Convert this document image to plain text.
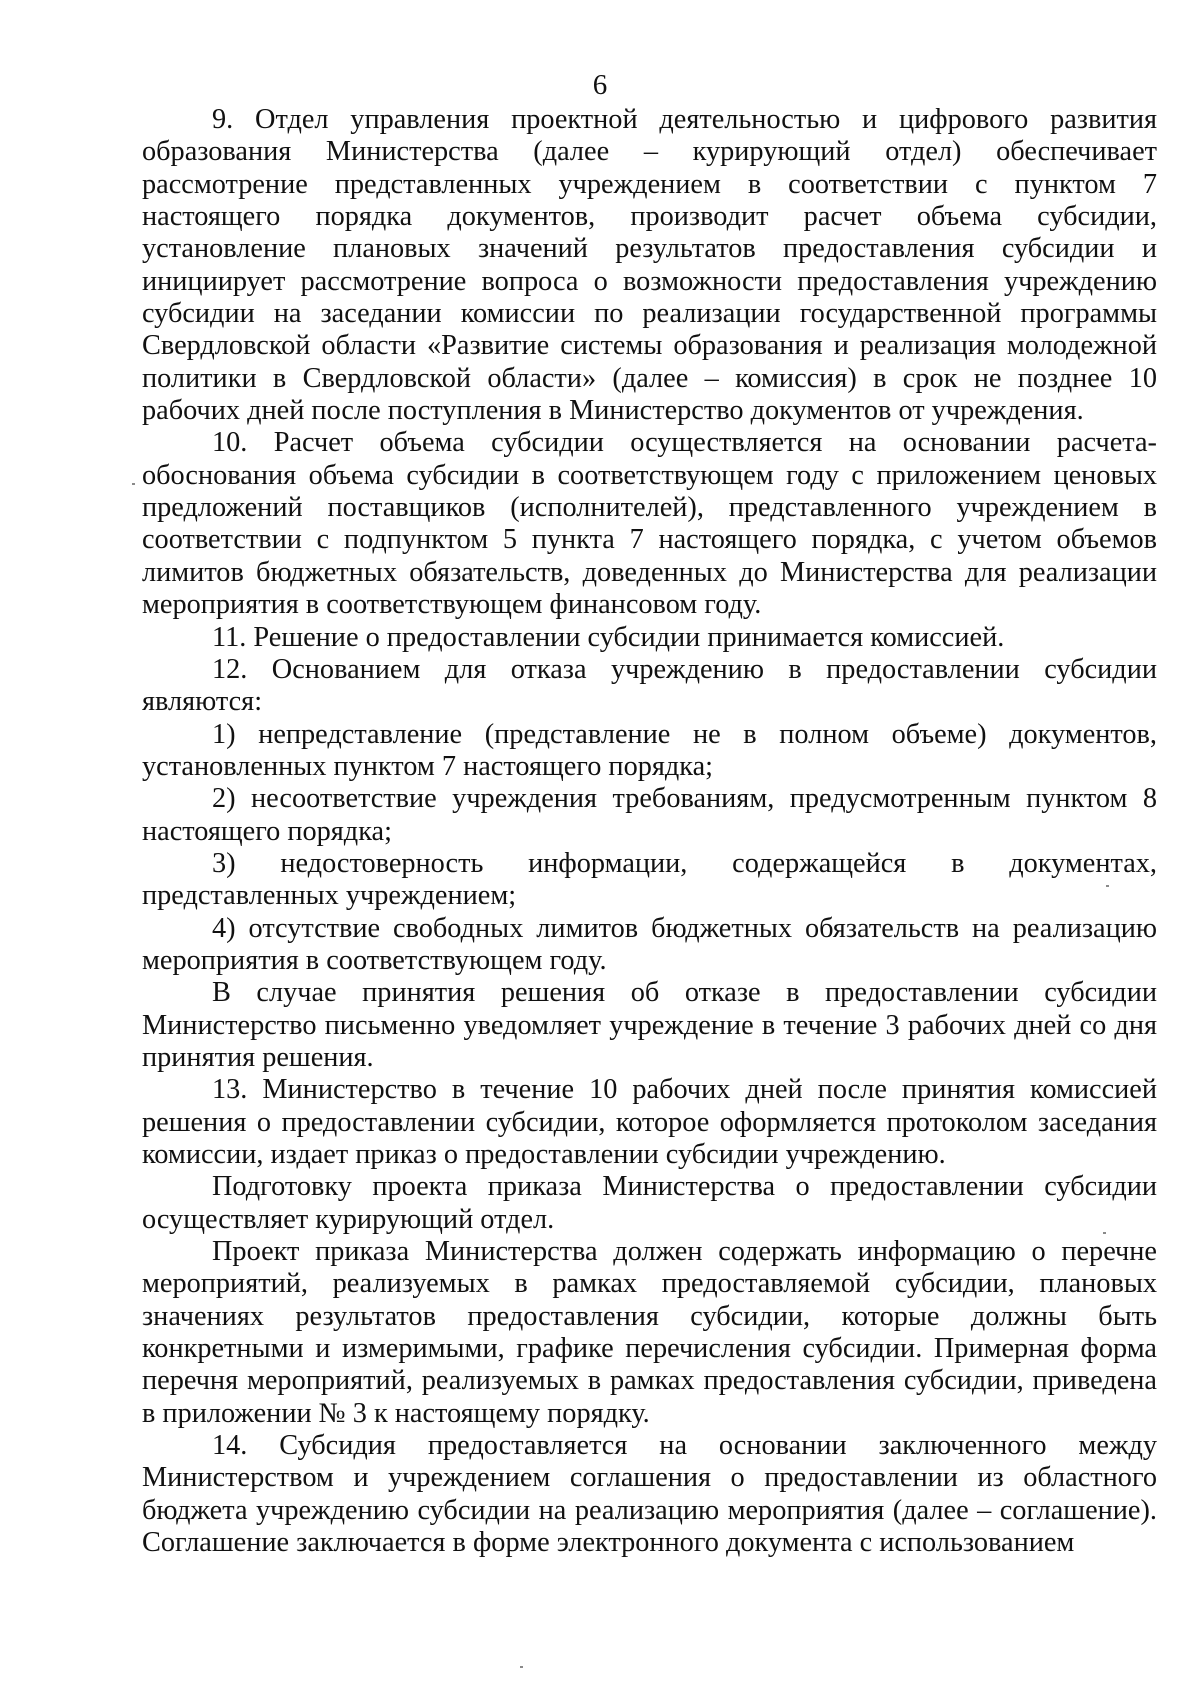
6

9. Отдел управления проектной деятельностью и цифрового развития образования Министерства (далее – курирующий отдел) обеспечивает рассмотрение представленных учреждением в соответствии с пунктом 7 настоящего порядка документов, производит расчет объема субсидии, установление плановых значений результатов предоставления субсидии и инициирует рассмотрение вопроса о возможности предоставления учреждению субсидии на заседании комиссии по реализации государственной программы Свердловской области «Развитие системы образования и реализация молодежной политики в Свердловской области» (далее – комиссия) в срок не позднее 10 рабочих дней после поступления в Министерство документов от учреждения.

10. Расчет объема субсидии осуществляется на основании расчета-обоснования объема субсидии в соответствующем году с приложением ценовых предложений поставщиков (исполнителей), представленного учреждением в соответствии с подпунктом 5 пункта 7 настоящего порядка, с учетом объемов лимитов бюджетных обязательств, доведенных до Министерства для реализации мероприятия в соответствующем финансовом году.

11. Решение о предоставлении субсидии принимается комиссией.

12. Основанием для отказа учреждению в предоставлении субсидии являются:

1) непредставление (представление не в полном объеме) документов, установленных пунктом 7 настоящего порядка;

2) несоответствие учреждения требованиям, предусмотренным пунктом 8 настоящего порядка;

3) недостоверность информации, содержащейся в документах, представленных учреждением;

4) отсутствие свободных лимитов бюджетных обязательств на реализацию мероприятия в соответствующем году.

В случае принятия решения об отказе в предоставлении субсидии Министерство письменно уведомляет учреждение в течение 3 рабочих дней со дня принятия решения.

13. Министерство в течение 10 рабочих дней после принятия комиссией решения о предоставлении субсидии, которое оформляется протоколом заседания комиссии, издает приказ о предоставлении субсидии учреждению.

Подготовку проекта приказа Министерства о предоставлении субсидии осуществляет курирующий отдел.

Проект приказа Министерства должен содержать информацию о перечне мероприятий, реализуемых в рамках предоставляемой субсидии, плановых значениях результатов предоставления субсидии, которые должны быть конкретными и измеримыми, графике перечисления субсидии. Примерная форма перечня мероприятий, реализуемых в рамках предоставления субсидии, приведена в приложении № 3 к настоящему порядку.

14. Субсидия предоставляется на основании заключенного между Министерством и учреждением соглашения о предоставлении из областного бюджета учреждению субсидии на реализацию мероприятия (далее – соглашение). Соглашение заключается в форме электронного документа с использованием
